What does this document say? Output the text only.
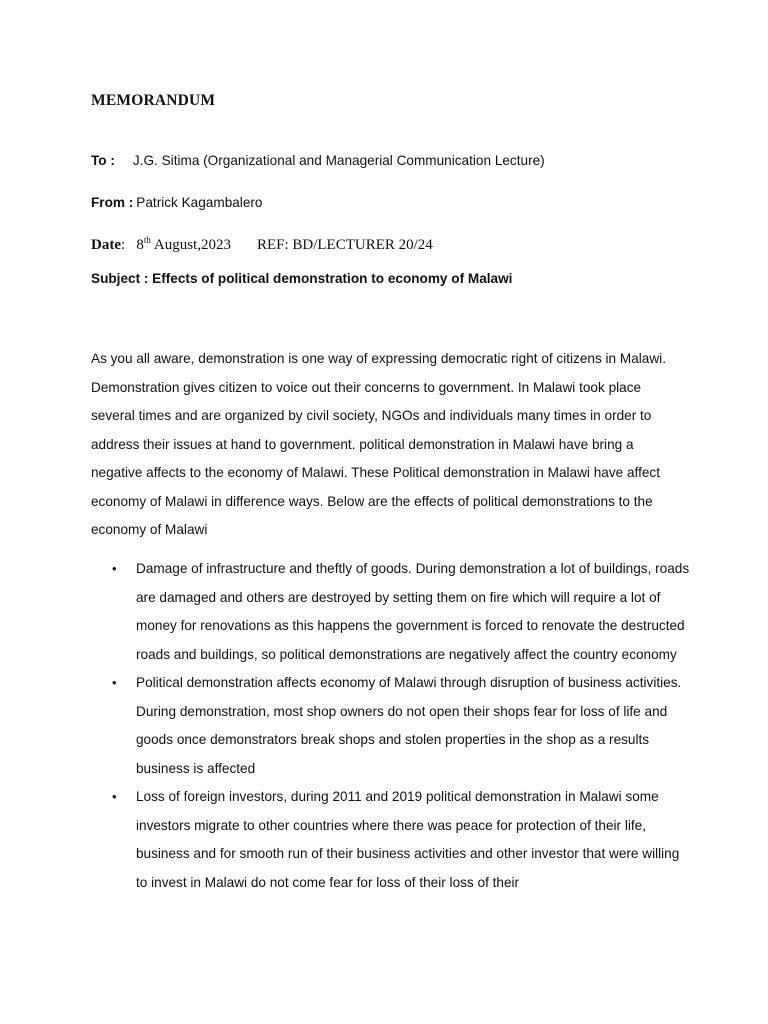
MEMORANDUM
To : J.G. Sitima (Organizational and Managerial Communication Lecture)
From : Patrick Kagambalero
Date: 8th August,2023 REF: BD/LECTURER 20/24
Subject : Effects of political demonstration to economy of Malawi

As you all aware, demonstration is one way of expressing democratic right of citizens in Malawi. Demonstration gives citizen to voice out their concerns to government. In Malawi took place several times and are organized by civil society, NGOs and individuals many times in order to address their issues at hand to government. political demonstration in Malawi have bring a negative affects to the economy of Malawi. These Political demonstration in Malawi have affect economy of Malawi in difference ways. Below are the effects of political demonstrations to the economy of Malawi

• Damage of infrastructure and theftly of goods. During demonstration a lot of buildings, roads are damaged and others are destroyed by setting them on fire which will require a lot of money for renovations as this happens the government is forced to renovate the destructed roads and buildings, so political demonstrations are negatively affect the country economy
• Political demonstration affects economy of Malawi through disruption of business activities. During demonstration, most shop owners do not open their shops fear for loss of life and goods once demonstrators break shops and stolen properties in the shop as a results business is affected
• Loss of foreign investors, during 2011 and 2019 political demonstration in Malawi some investors migrate to other countries where there was peace for protection of their life, business and for smooth run of their business activities and other investor that were willing to invest in Malawi do not come fear for loss of their loss of their
